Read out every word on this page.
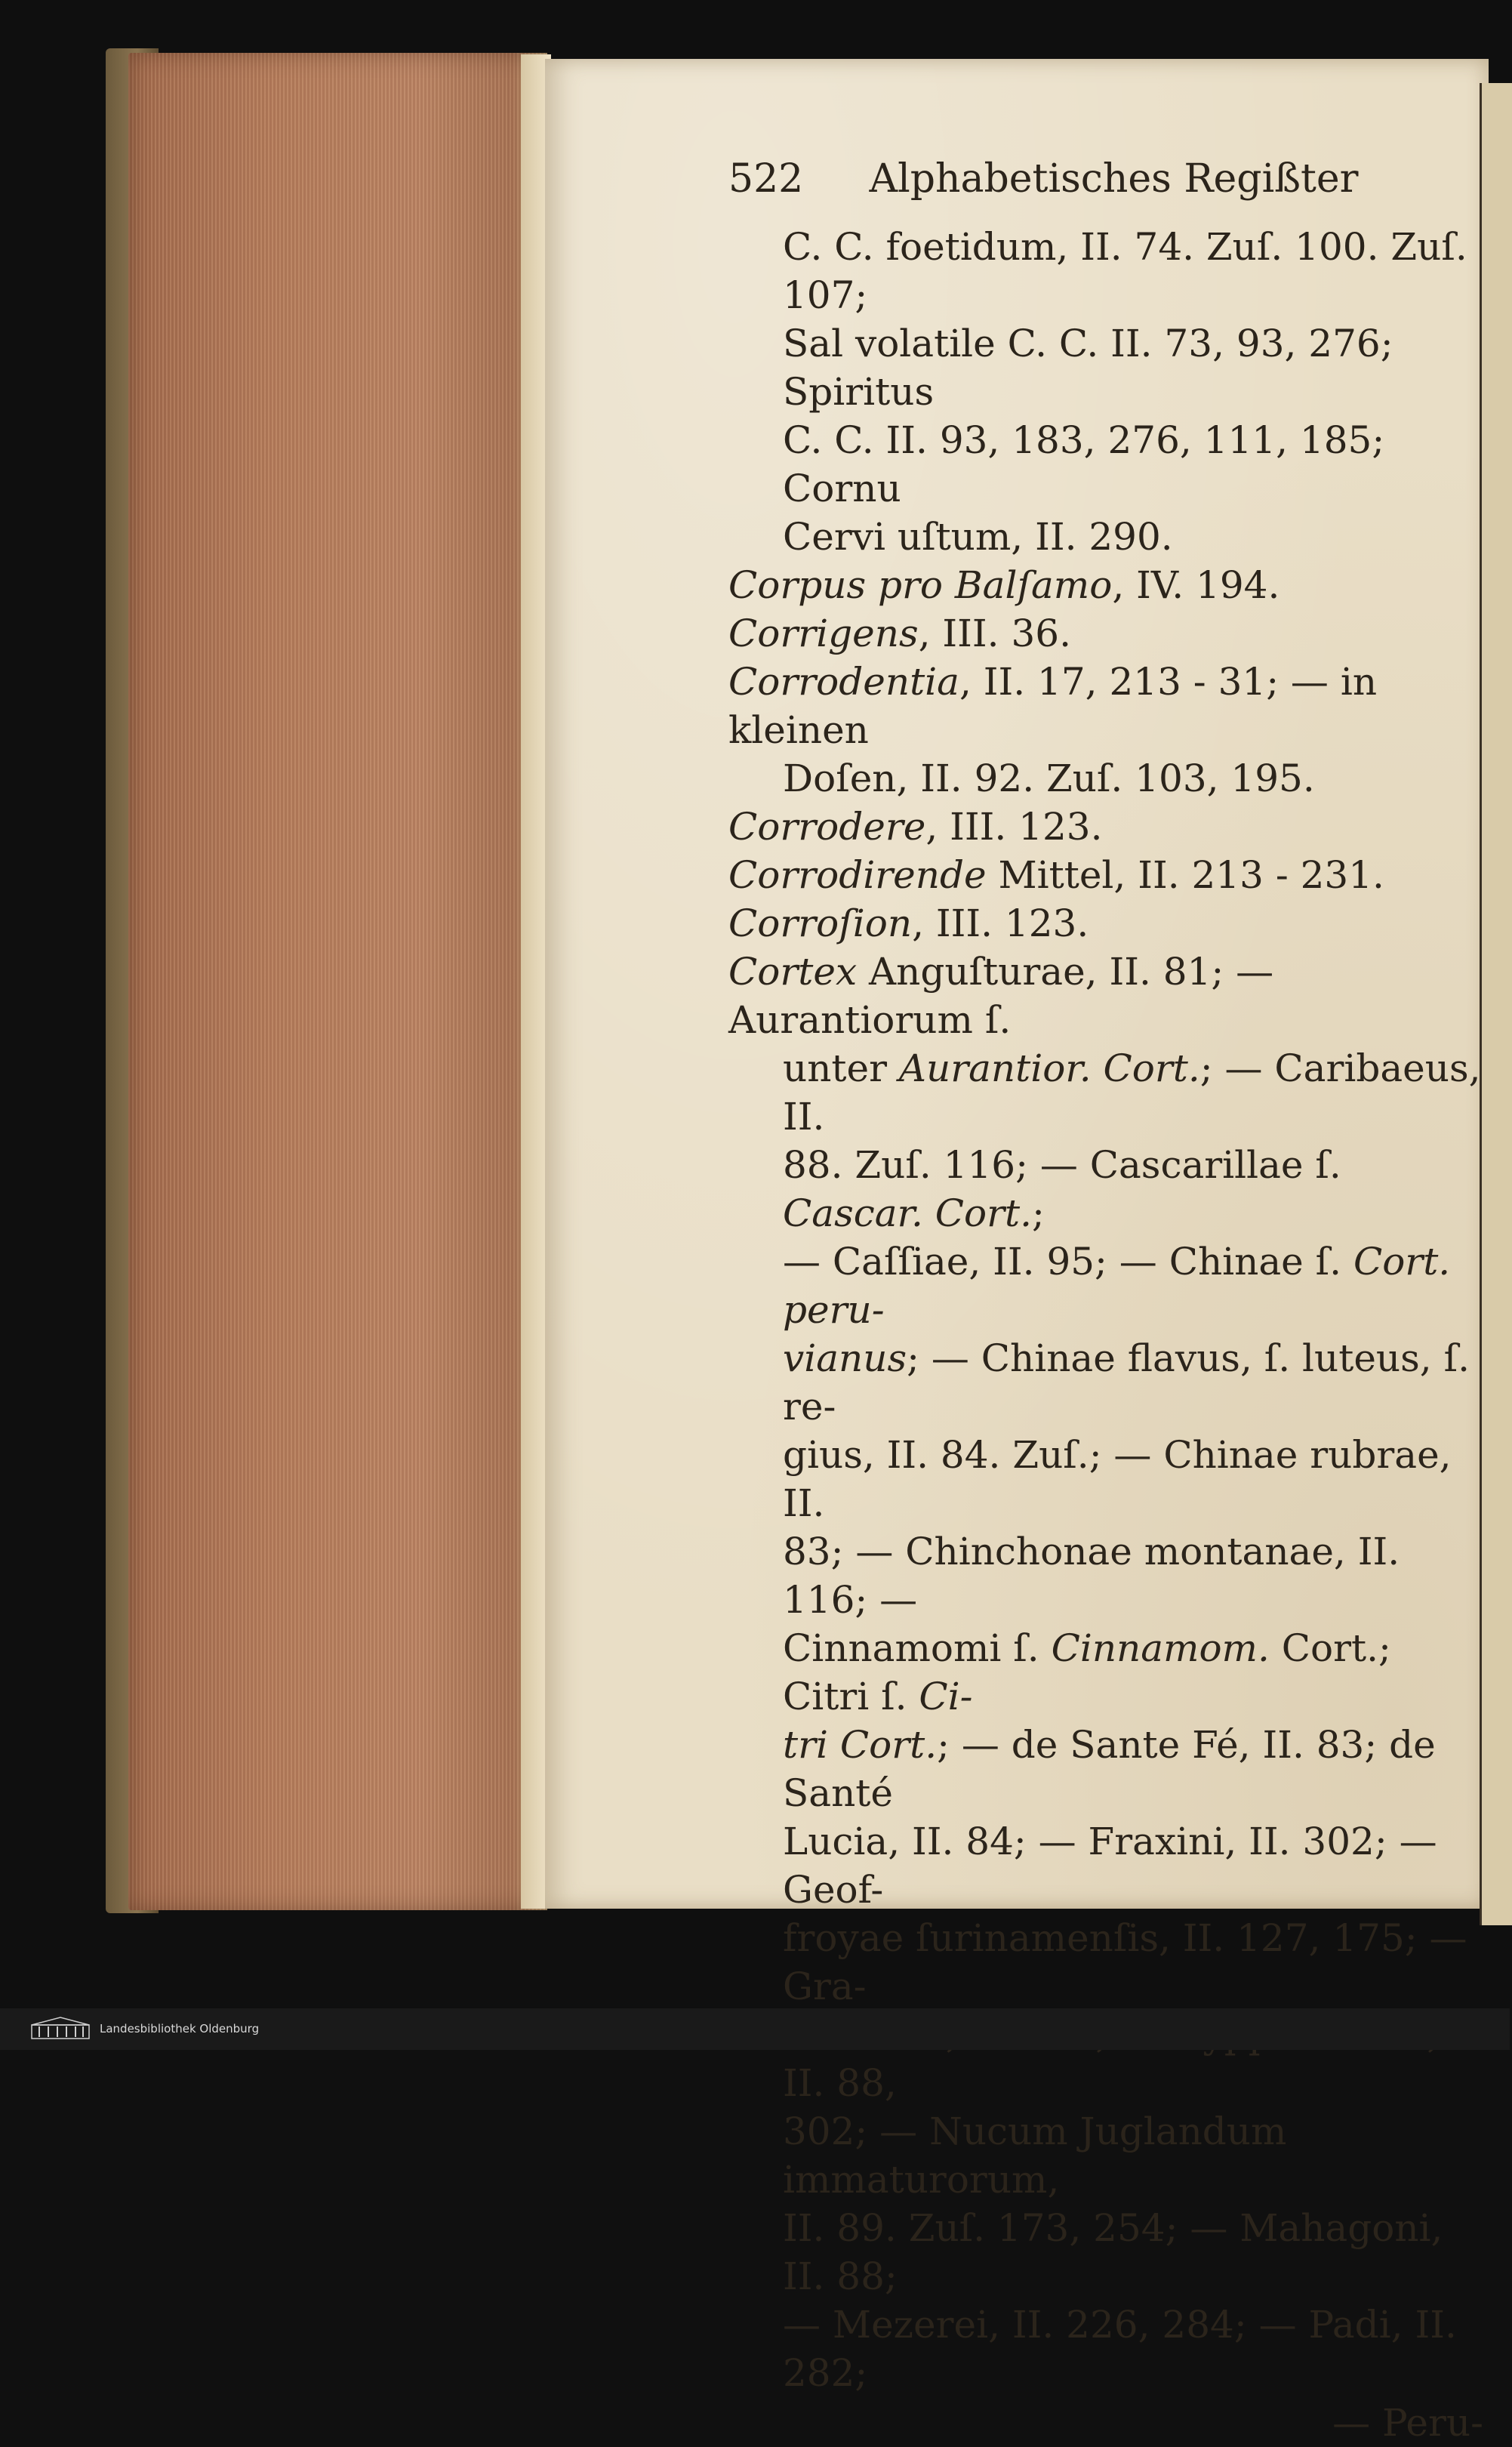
522 Alphabetisches Regißter
C. C. foetidum, II. 74. Zuſ. 100. Zuſ. 107;
Sal volatile C. C. II. 73, 93, 276; Spiritus
C. C. II. 93, 183, 276, 111, 185; Cornu
Cervi uſtum, II. 290.
Corpus pro Balſamo, IV. 194.
Corrigens, III. 36.
Corrodentia, II. 17, 213 - 31; — in kleinen
Doſen, II. 92. Zuſ. 103, 195.
Corrodere, III. 123.
Corrodirende Mittel, II. 213 - 231.
Corroſion, III. 123.
Cortex Anguſturae, II. 81; — Aurantiorum ſ.
unter Aurantior. Cort.; — Caribaeus, II.
88. Zuſ. 116; — Cascarillae ſ. Cascar. Cort.;
— Caſſiae, II. 95; — Chinae ſ. Cort. peru-
vianus; — Chinae flavus, ſ. luteus, ſ. re-
gius, II. 84. Zuſ.; — Chinae rubrae, II.
83; — Chinchonae montanae, II. 116; —
Cinnamomi ſ. Cinnamom. Cort.; Citri ſ. Ci-
tri Cort.; — de Sante Fé, II. 83; de Santé
Lucia, II. 84; — Fraxini, II. 302; — Geof-
froyae ſurinamenſis, II. 127, 175; — Gra-
II. 88,
302; — Nucum Juglandum immaturorum,
II. 89. Zuſ. 173, 254; — Mahagoni, II. 88;
— Mezerei, II. 226, 284; — Padi, II. 282;
— Peru-
Landesbibliothek Oldenburg
